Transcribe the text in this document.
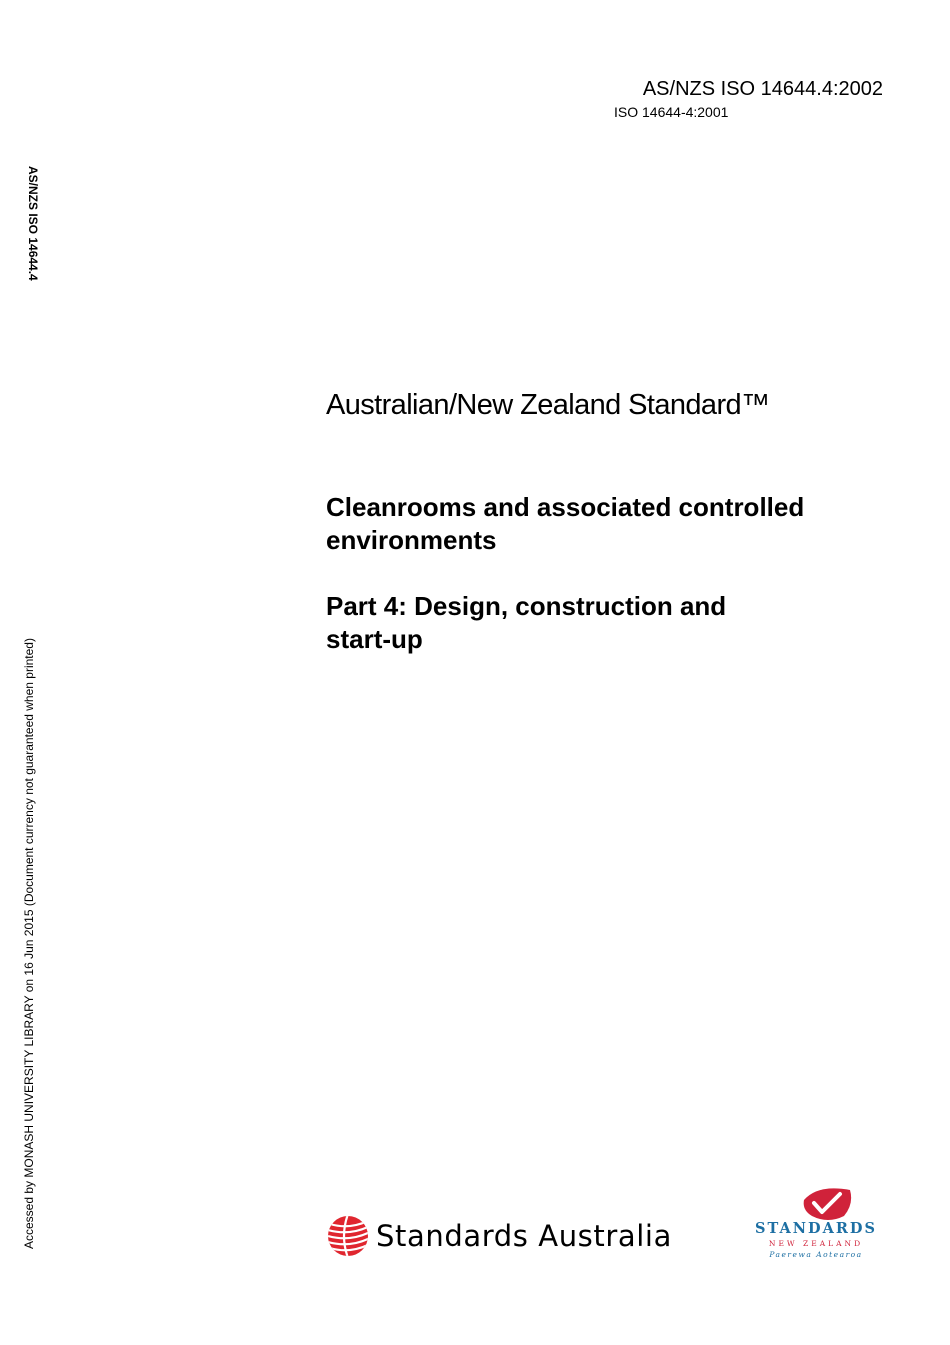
AS/NZS ISO 14644.4:2002
ISO 14644-4:2001
AS/NZS ISO 14644.4
Accessed by MONASH UNIVERSITY LIBRARY on 16 Jun 2015 (Document currency not guaranteed when printed)
Australian/New Zealand Standard™

Cleanrooms and associated controlled

environments

Part 4: Design, construction and

start-up

Standards Australia	STANDARDS
NEW ZEALAND
Paerewa Aotearoa
